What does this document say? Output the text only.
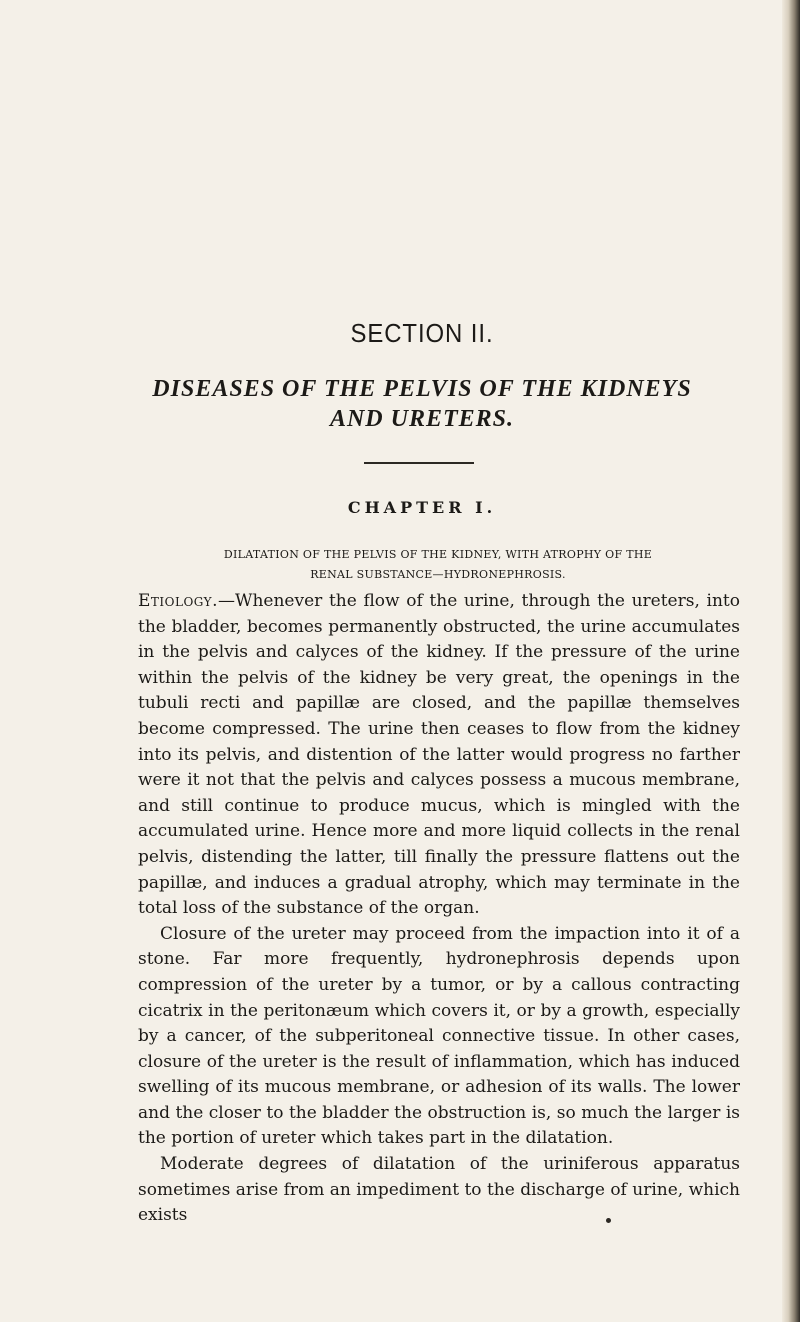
SECTION II.
DISEASES OF THE PELVIS OF THE KIDNEYS
AND URETERS.
CHAPTER I.

DILATATION OF THE PELVIS OF THE KIDNEY, WITH ATROPHY OF THE
RENAL SUBSTANCE—HYDRONEPHROSIS.

Etiology.—Whenever the flow of the urine, through the ureters, into the bladder, becomes permanently obstructed, the urine accumulates in the pelvis and calyces of the kidney. If the pressure of the urine within the pelvis of the kidney be very great, the openings in the tubuli recti and papillæ are closed, and the papillæ themselves become compressed. The urine then ceases to flow from the kidney into its pelvis, and distention of the latter would progress no farther were it not that the pelvis and calyces possess a mucous membrane, and still continue to produce mucus, which is mingled with the accumulated urine. Hence more and more liquid collects in the renal pelvis, distending the latter, till finally the pressure flattens out the papillæ, and induces a gradual atrophy, which may terminate in the total loss of the substance of the organ.

Closure of the ureter may proceed from the impaction into it of a stone. Far more frequently, hydronephrosis depends upon compression of the ureter by a tumor, or by a callous contracting cicatrix in the peritonæum which covers it, or by a growth, especially by a cancer, of the subperitoneal connective tissue. In other cases, closure of the ureter is the result of inflammation, which has induced swelling of its mucous membrane, or adhesion of its walls. The lower and the closer to the bladder the obstruction is, so much the larger is the portion of ureter which takes part in the dilatation.

Moderate degrees of dilatation of the uriniferous apparatus sometimes arise from an impediment to the discharge of urine, which exists
